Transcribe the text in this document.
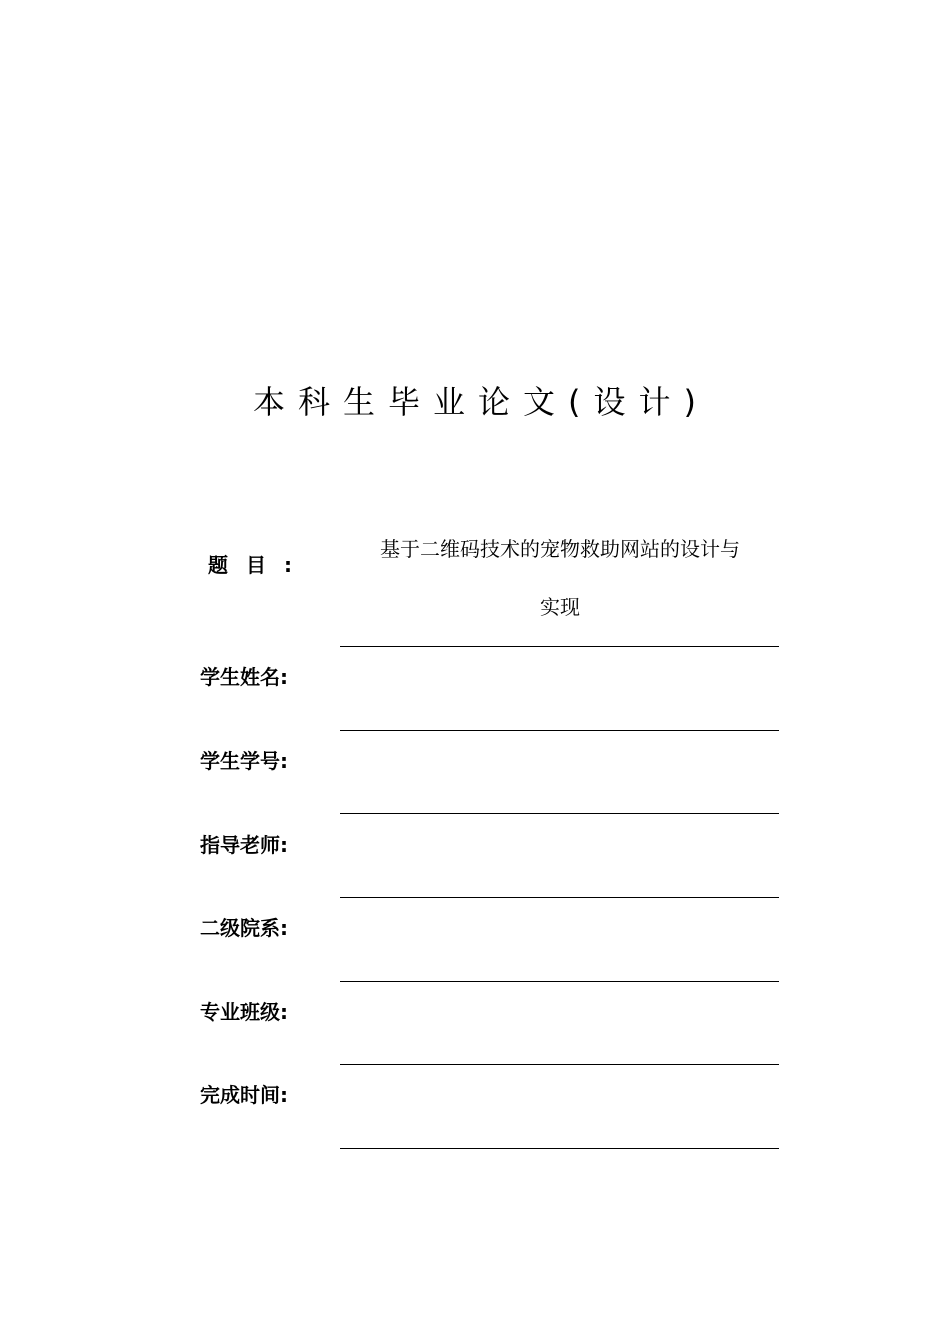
本科生毕业论文(设计)
题目:
基于二维码技术的宠物救助网站的设计与
实现
学生姓名:
学生学号:
指导老师:
二级院系:
专业班级:
完成时间:
